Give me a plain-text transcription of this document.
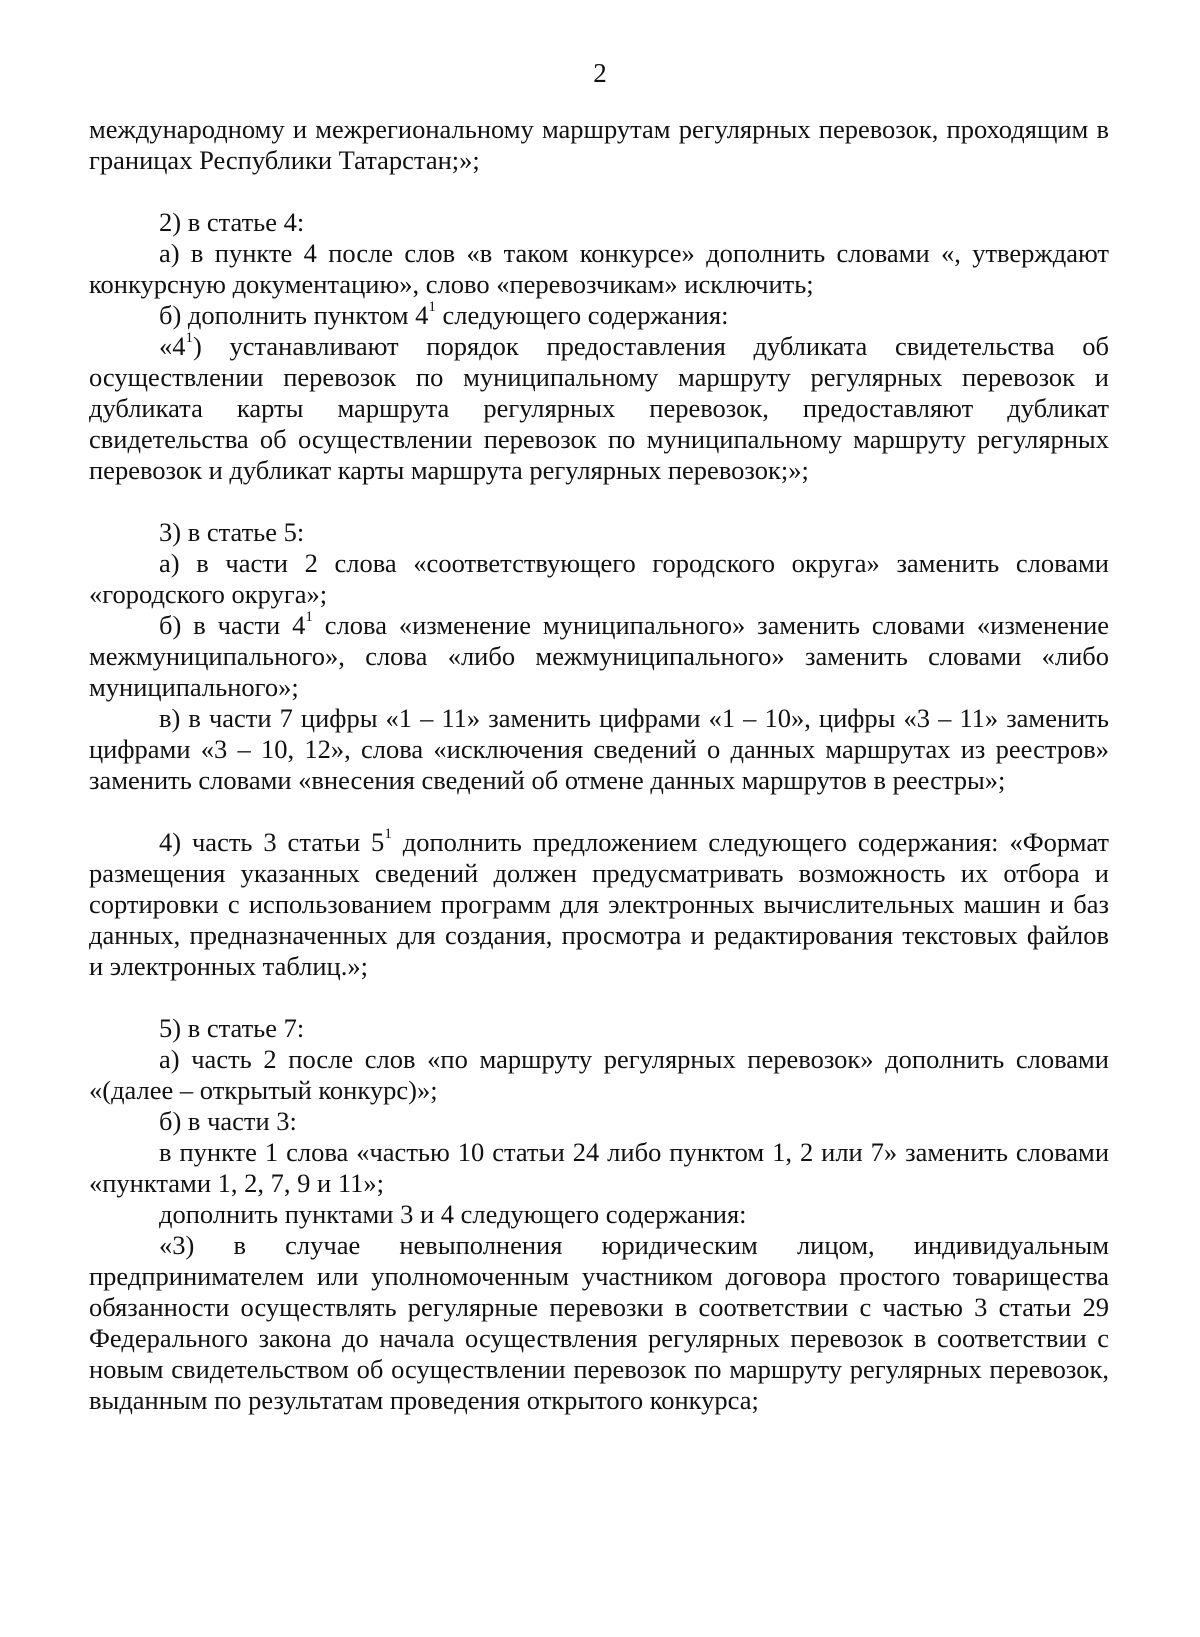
2

международному и межрегиональному маршрутам регулярных перевозок, проходящим в границах Республики Татарстан;»;

2) в статье 4:

а) в пункте 4 после слов «в таком конкурсе» дополнить словами «, утверждают конкурсную документацию», слово «перевозчикам» исключить;

б) дополнить пунктом $4^1$ следующего содержания:

«$4^1$) устанавливают порядок предоставления дубликата свидетельства об осуществлении перевозок по муниципальному маршруту регулярных перевозок и дубликата карты маршрута регулярных перевозок, предоставляют дубликат свидетельства об осуществлении перевозок по муниципальному маршруту регулярных перевозок и дубликат карты маршрута регулярных перевозок;»;

3) в статье 5:

а) в части 2 слова «соответствующего городского округа» заменить словами «городского округа»;

б) в части $4^1$ слова «изменение муниципального» заменить словами «изменение межмуниципального», слова «либо межмуниципального» заменить словами «либо муниципального»;

в) в части 7 цифры «1 – 11» заменить цифрами «1 – 10», цифры «3 – 11» заменить цифрами «3 – 10, 12», слова «исключения сведений о данных маршрутах из реестров» заменить словами «внесения сведений об отмене данных маршрутов в реестры»;

4) часть 3 статьи $5^1$ дополнить предложением следующего содержания: «Формат размещения указанных сведений должен предусматривать возможность их отбора и сортировки с использованием программ для электронных вычислительных машин и баз данных, предназначенных для создания, просмотра и редактирования текстовых файлов и электронных таблиц.»;

5) в статье 7:

а) часть 2 после слов «по маршруту регулярных перевозок» дополнить словами «(далее – открытый конкурс)»;

б) в части 3:

в пункте 1 слова «частью 10 статьи 24 либо пунктом 1, 2 или 7» заменить словами «пунктами 1, 2, 7, 9 и 11»;

дополнить пунктами 3 и 4 следующего содержания:

«3) в случае невыполнения юридическим лицом, индивидуальным предпринимателем или уполномоченным участником договора простого товарищества обязанности осуществлять регулярные перевозки в соответствии с частью 3 статьи 29 Федерального закона до начала осуществления регулярных перевозок в соответствии с новым свидетельством об осуществлении перевозок по маршруту регулярных перевозок, выданным по результатам проведения открытого конкурса;
